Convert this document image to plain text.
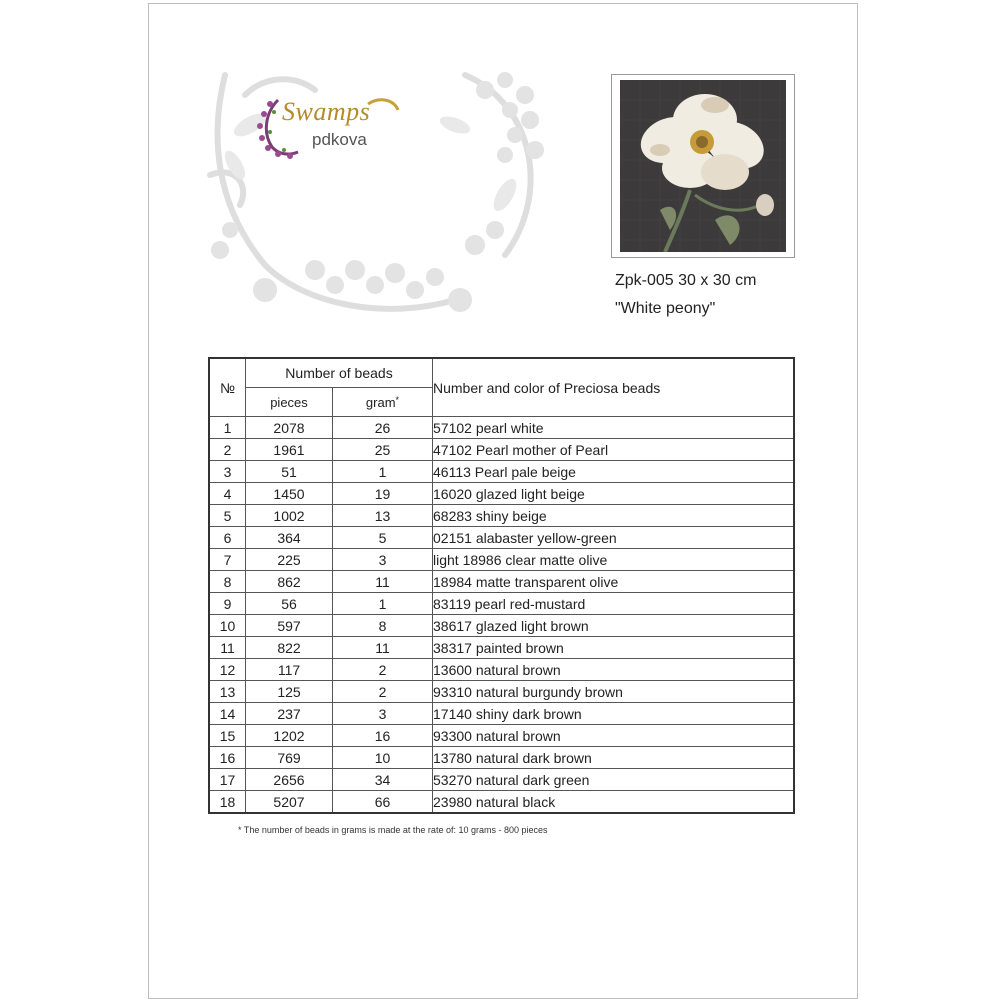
Swamps
pdkova
Zpk-005 30 x 30 cm
"White peony"
№	Number of beads		Number and color of Preciosa beads
	pieces	gram*
1	2078	26	57102 pearl white
2	1961	25	47102 Pearl mother of Pearl
3	51	1	46113 Pearl pale beige
4	1450	19	16020 glazed light beige
5	1002	13	68283 shiny beige
6	364	5	02151 alabaster yellow-green
7	225	3	light 18986 clear matte olive
8	862	11	18984 matte transparent olive
9	56	1	83119 pearl red-mustard
10	597	8	38617 glazed light brown
11	822	11	38317 painted brown
12	117	2	13600 natural brown
13	125	2	93310 natural burgundy brown
14	237	3	17140 shiny dark brown
15	1202	16	93300 natural brown
16	769	10	13780 natural dark brown
17	2656	34	53270 natural dark green
18	5207	66	23980 natural black
* The number of beads in grams is made at the rate of: 10 grams - 800 pieces
